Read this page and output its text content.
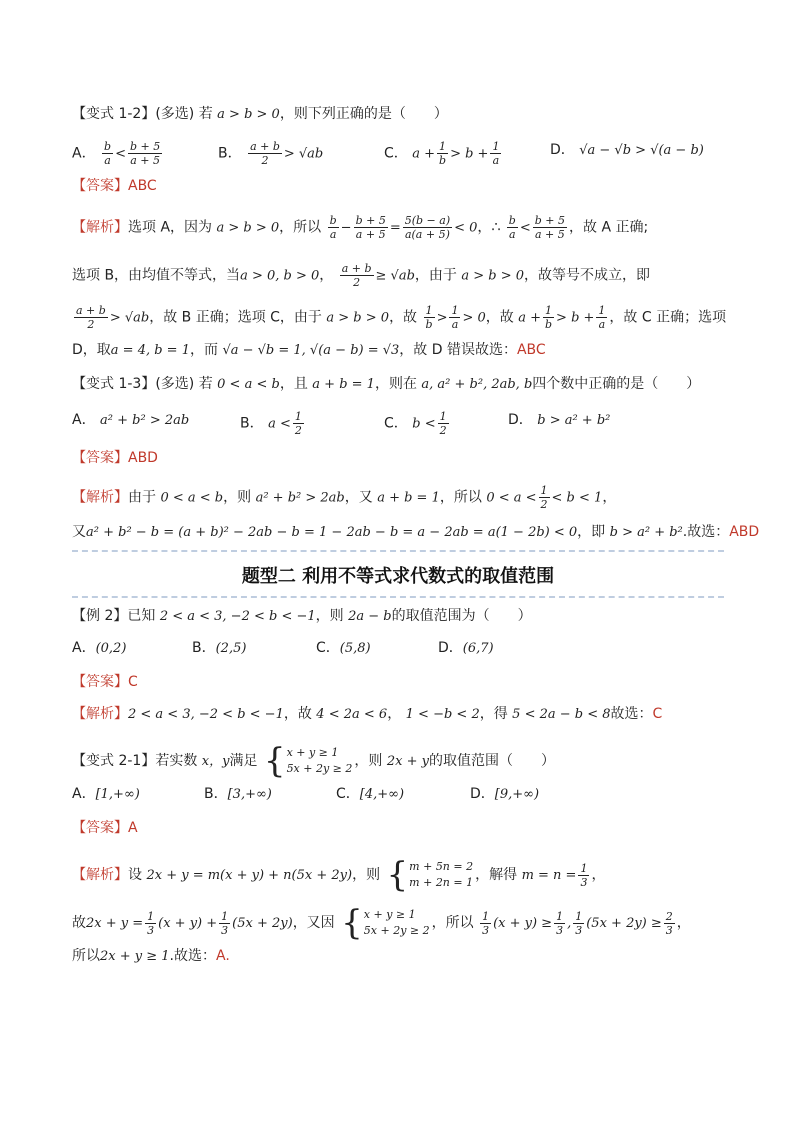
【变式 1-2】(多选) 若 a > b > 0，则下列正确的是（　　）
A． $\frac{b}{a} < \frac{b + 5}{a + 5}$	B． $\frac{a + b}{2} > √ab$	C． $a + \frac{1}{b} > b + \frac{1}{a}$	D． √a − √b > √(a − b)
【答案】ABC
【解析】选项 A，因为 a > b > 0，所以 $\frac{b}{a} - \frac{b + 5}{a + 5} = \frac{5(b - a)}{a(a + 5)} < 0$，∴ $\frac{b}{a} < \frac{b + 5}{a + 5}$ ，故 A 正确;
选项 B，由均值不等式，当a > 0, b > 0， $\frac{a + b}{2} \ge √ab$，由于 a > b > 0，故等号不成立，即
$\frac{a + b}{2} > √ab$，故 B 正确；选项 C，由于 a > b > 0，故 $\frac{1}{b} > \frac{1}{a} > 0$，故 $a + \frac{1}{b} > b + \frac{1}{a}$ ，故 C 正确；选项
D，取a = 4, b = 1，而 √a − √b = 1, √(a − b) = √3，故 D 错误故选：ABC
【变式 1-3】(多选) 若 0 < a < b，且 a + b = 1，则在 a, a² + b², 2ab, b四个数中正确的是（　　）
A． a² + b² > 2ab	B． $a < \frac{1}{2}$	C． $b < \frac{1}{2}$	D． b > a² + b²
【答案】ABD
【解析】由于 0 < a < b，则 a² + b² > 2ab，又 a + b = 1，所以 $0 < a < \frac{1}{2} < b < 1$，
又a² + b² − b = (a + b)² − 2ab − b = 1 − 2ab − b = a − 2ab = a(1 − 2b) < 0，即 b > a² + b².故选：ABD
题型二 利用不等式求代数式的取值范围
【例 2】已知 2 < a < 3, −2 < b < −1，则 2a − b的取值范围为（　　）
A．(0,2)	B．(2,5)	C．(5,8)	D．(6,7)
【答案】C
【解析】2 < a < 3, −2 < b < −1，故 4 < 2a < 6， 1 < −b < 2，得 5 < 2a − b < 8故选：C
【变式 2-1】若实数 x，y满足 { x + y ≥ 1
5x + 2y ≥ 2 ，则 2x + y的取值范围（　　）
A．[1,+∞)	B．[3,+∞)	C．[4,+∞)	D．[9,+∞)
【答案】A
【解析】设 2x + y = m(x + y) + n(5x + 2y)，则 { m + 5n = 2
m + 2n = 1 ，解得 $m = n = \frac{1}{3}$ ，
故$2x + y = \frac{1}{3} (x + y) + \frac{1}{3} (5x + 2y)$，又因 { x + y ≥ 1
5x + 2y ≥ 2 ，所以 $\frac{1}{3} (x + y) \ge \frac{1}{3}$ , $\frac{1}{3} (5x + 2y) \ge \frac{2}{3}$ ，
所以2x + y ≥ 1.故选：A.
